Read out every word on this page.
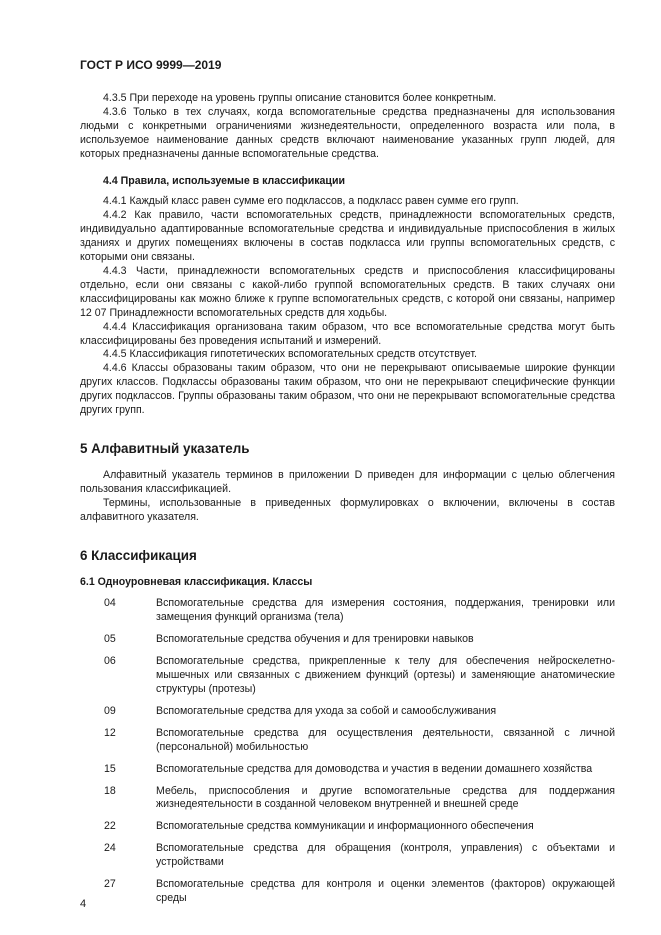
ГОСТ Р ИСО 9999—2019

4.3.5 При переходе на уровень группы описание становится более конкретным.

4.3.6 Только в тех случаях, когда вспомогательные средства предназначены для использования людьми с конкретными ограничениями жизнедеятельности, определенного возраста или пола, в используемое наименование данных средств включают наименование указанных групп людей, для которых предназначены данные вспомогательные средства.

4.4 Правила, используемые в классификации

4.4.1 Каждый класс равен сумме его подклассов, а подкласс равен сумме его групп.

4.4.2 Как правило, части вспомогательных средств, принадлежности вспомогательных средств, индивидуально адаптированные вспомогательные средства и индивидуальные приспособления в жилых зданиях и других помещениях включены в состав подкласса или группы вспомогательных средств, с которыми они связаны.

4.4.3 Части, принадлежности вспомогательных средств и приспособления классифицированы отдельно, если они связаны с какой-либо группой вспомогательных средств. В таких случаях они классифицированы как можно ближе к группе вспомогательных средств, с которой они связаны, например 12 07 Принадлежности вспомогательных средств для ходьбы.

4.4.4 Классификация организована таким образом, что все вспомогательные средства могут быть классифицированы без проведения испытаний и измерений.

4.4.5 Классификация гипотетических вспомогательных средств отсутствует.

4.4.6 Классы образованы таким образом, что они не перекрывают описываемые широкие функции других классов. Подклассы образованы таким образом, что они не перекрывают специфические функции других подклассов. Группы образованы таким образом, что они не перекрывают вспомогательные средства других групп.

5 Алфавитный указатель

Алфавитный указатель терминов в приложении D приведен для информации с целью облегчения пользования классификацией.

Термины, использованные в приведенных формулировках о включении, включены в состав алфавитного указателя.

6 Классификация
6.1 Одноуровневая классификация. Классы
04	Вспомогательные средства для измерения состояния, поддержания, тренировки или замещения функций организма (тела)
05	Вспомогательные средства обучения и для тренировки навыков
06	Вспомогательные средства, прикрепленные к телу для обеспечения нейроскелетно-мышечных или связанных с движением функций (ортезы) и заменяющие анатомические структуры (протезы)
09	Вспомогательные средства для ухода за собой и самообслуживания
12	Вспомогательные средства для осуществления деятельности, связанной с личной (персональной) мобильностью
15	Вспомогательные средства для домоводства и участия в ведении домашнего хозяйства
18	Мебель, приспособления и другие вспомогательные средства для поддержания жизнедеятельности в созданной человеком внутренней и внешней среде
22	Вспомогательные средства коммуникации и информационного обеспечения
24	Вспомогательные средства для обращения (контроля, управления) с объектами и устройствами
27	Вспомогательные средства для контроля и оценки элементов (факторов) окружающей среды
4
